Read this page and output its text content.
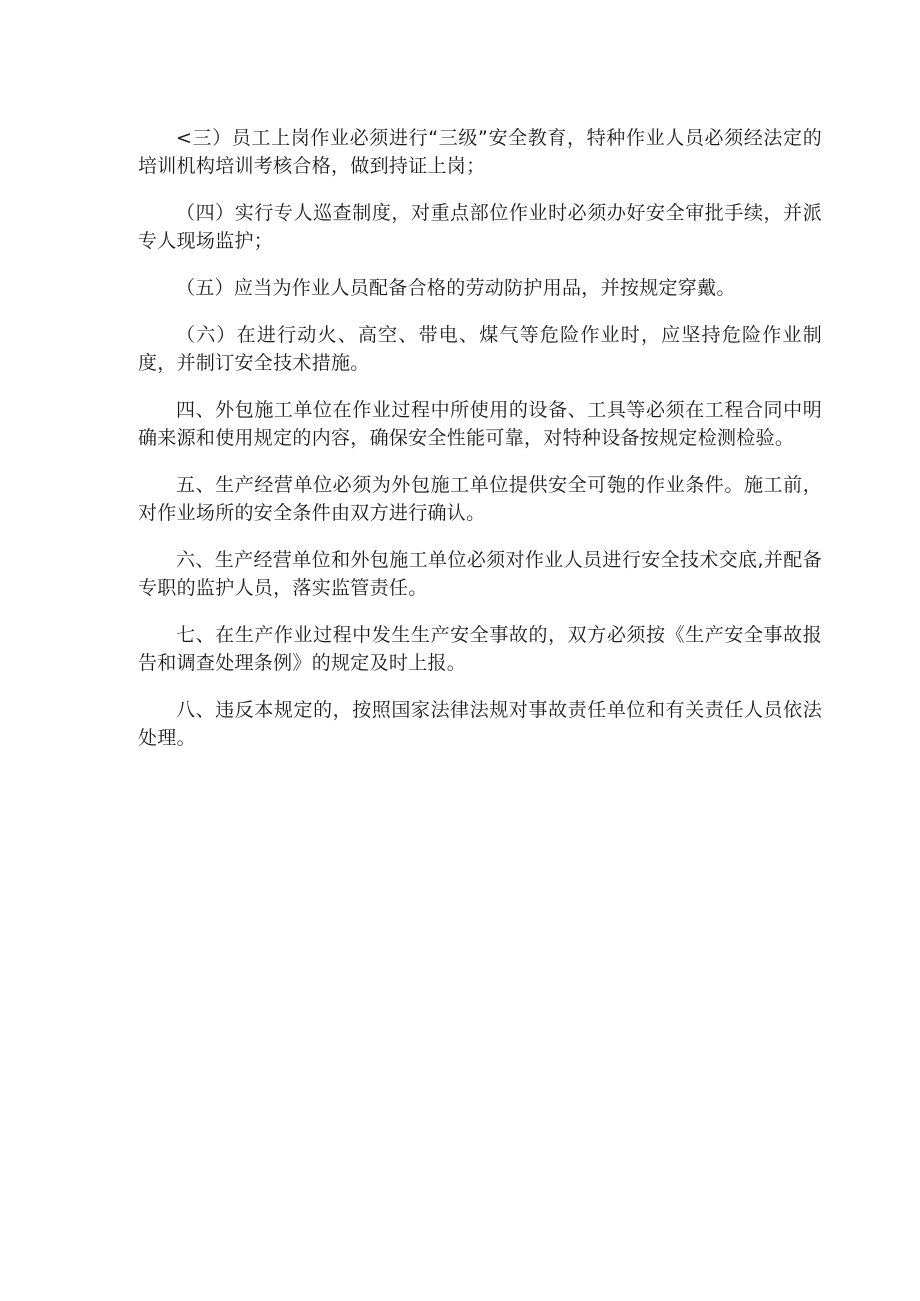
<三）员工上岗作业必须进行“三级”安全教育，特种作业人员必须经法定的培训机构培训考核合格，做到持证上岗；

（四）实行专人巡查制度，对重点部位作业时必须办好安全审批手续，并派专人现场监护；

（五）应当为作业人员配备合格的劳动防护用品，并按规定穿戴。

（六）在进行动火、高空、带电、煤气等危险作业时，应坚持危险作业制度，并制订安全技术措施。

四、外包施工单位在作业过程中所使用的设备、工具等必须在工程合同中明确来源和使用规定的内容，确保安全性能可靠，对特种设备按规定检测检验。

五、生产经营单位必须为外包施工单位提供安全可匏的作业条件。施工前，对作业场所的安全条件由双方进行确认。

六、生产经营单位和外包施工单位必须对作业人员进行安全技术交底,并配备专职的监护人员，落实监管责任。

七、在生产作业过程中发生生产安全事故的，双方必须按《生产安全事故报告和调查处理条例》的规定及时上报。

八、违反本规定的，按照国家法律法规对事故责任单位和有关责任人员依法处理。
